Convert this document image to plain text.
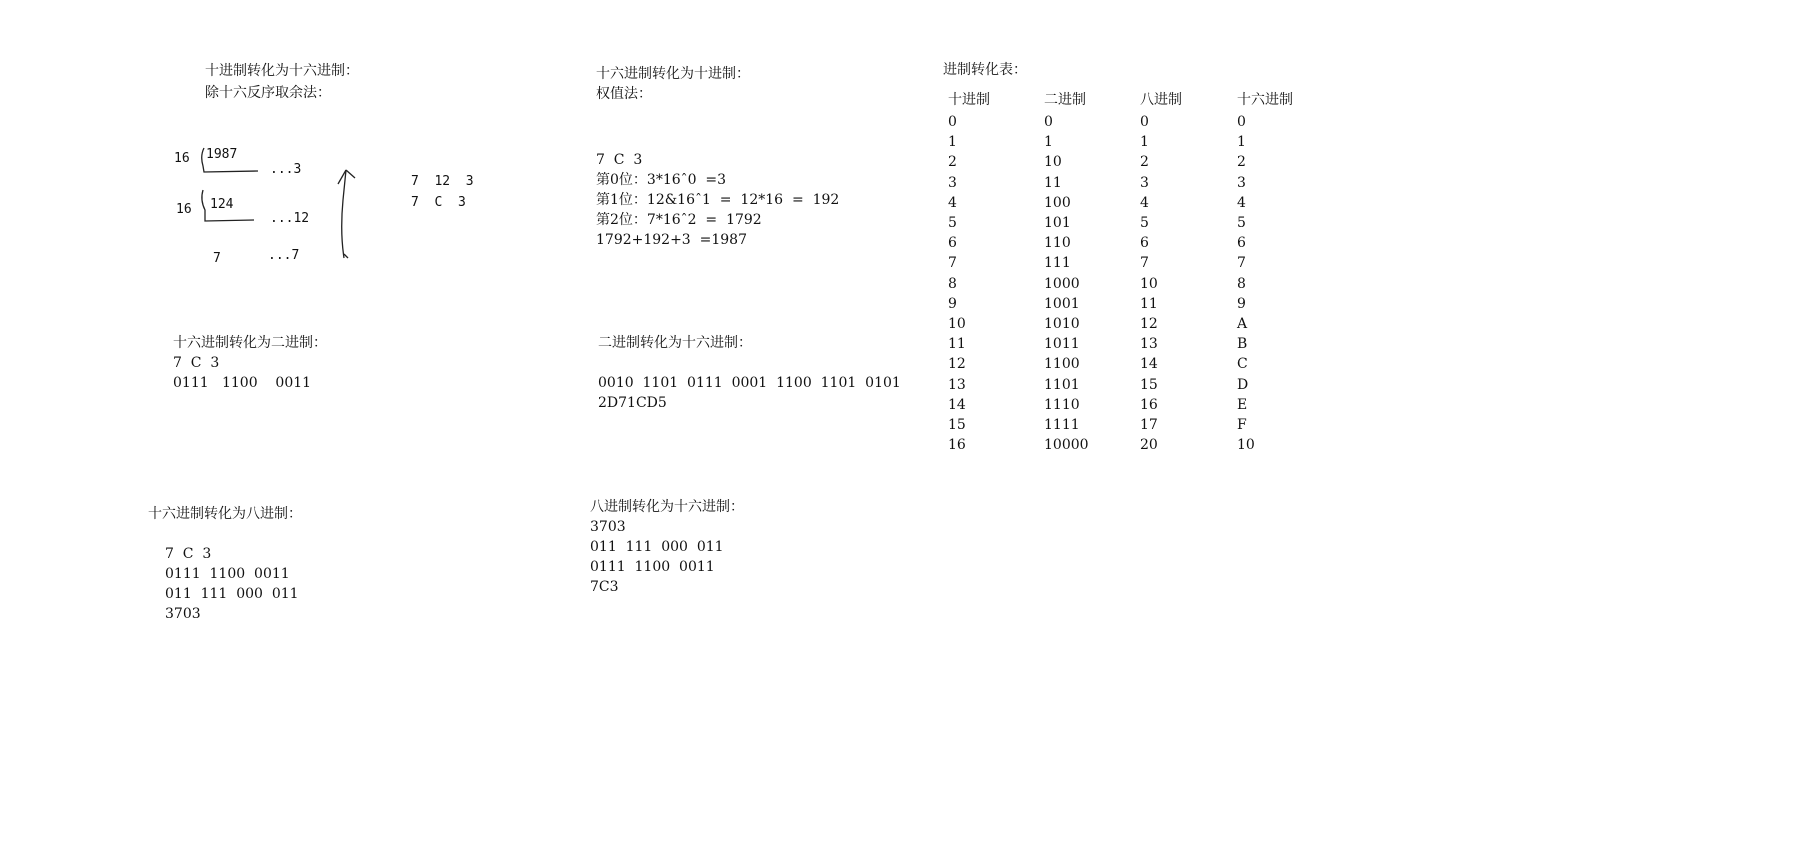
十进制转化为十六进制：
除十六反序取余法：
16 1987
...3
16 124
...12
7	...7
7  12  3
7  C  3
十六进制转化为十进制：
权值法：
7  C  3
第0位：3*16ˆ0  =3
第1位：12&16ˆ1  =  12*16  =  192
第2位：7*16ˆ2  =  1792
1792+192+3  =1987
十六进制转化为二进制：
7  C  3
0111   1100    0011
二进制转化为十六进制：
0010  1101  0111  0001  1100  1101  0101
2D71CD5
十六进制转化为八进制：
7  C  3
0111  1100  0011
011  111  000  011
3703
八进制转化为十六进制：
3703
011  111  000  011
0111  1100  0011
7C3
进制转化表：
十进制	二进制	八进制	十六进制
0	0	0	0
1	1	1	1
2	10	2	2
3	11	3	3
4	100	4	4
5	101	5	5
6	110	6	6
7	111	7	7
8	1000	10	8
9	1001	11	9
10	1010	12	A
11	1011	13	B
12	1100	14	C
13	1101	15	D
14	1110	16	E
15	1111	17	F
16	10000	20	10
